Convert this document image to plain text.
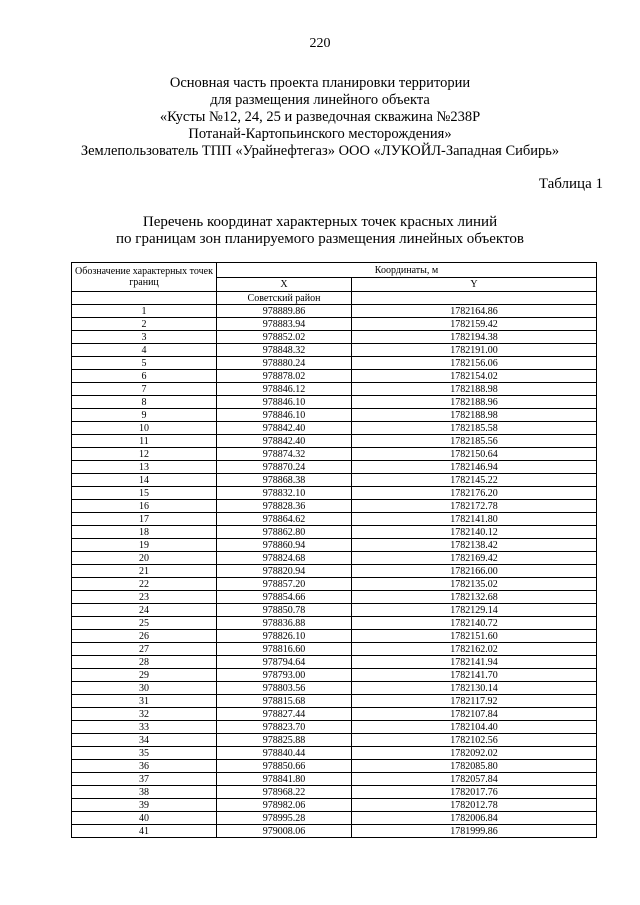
220
Основная часть проекта планировки территории
для размещения линейного объекта
«Кусты №12, 24, 25 и разведочная скважина №238Р
Потанай-Картопьинского месторождения»
Землепользователь ТПП «Урайнефтегаз» ООО «ЛУКОЙЛ-Западная Сибирь»
Таблица 1
Перечень координат характерных точек красных линий
по границам зон планируемого размещения линейных объектов
Обозначение характерных точек границ	Координаты, м	
	X	Y
	Советский район	
1	978889.86	1782164.86
2	978883.94	1782159.42
3	978852.02	1782194.38
4	978848.32	1782191.00
5	978880.24	1782156.06
6	978878.02	1782154.02
7	978846.12	1782188.98
8	978846.10	1782188.96
9	978846.10	1782188.98
10	978842.40	1782185.58
11	978842.40	1782185.56
12	978874.32	1782150.64
13	978870.24	1782146.94
14	978868.38	1782145.22
15	978832.10	1782176.20
16	978828.36	1782172.78
17	978864.62	1782141.80
18	978862.80	1782140.12
19	978860.94	1782138.42
20	978824.68	1782169.42
21	978820.94	1782166.00
22	978857.20	1782135.02
23	978854.66	1782132.68
24	978850.78	1782129.14
25	978836.88	1782140.72
26	978826.10	1782151.60
27	978816.60	1782162.02
28	978794.64	1782141.94
29	978793.00	1782141.70
30	978803.56	1782130.14
31	978815.68	1782117.92
32	978827.44	1782107.84
33	978823.70	1782104.40
34	978825.88	1782102.56
35	978840.44	1782092.02
36	978850.66	1782085.80
37	978841.80	1782057.84
38	978968.22	1782017.76
39	978982.06	1782012.78
40	978995.28	1782006.84
41	979008.06	1781999.86
